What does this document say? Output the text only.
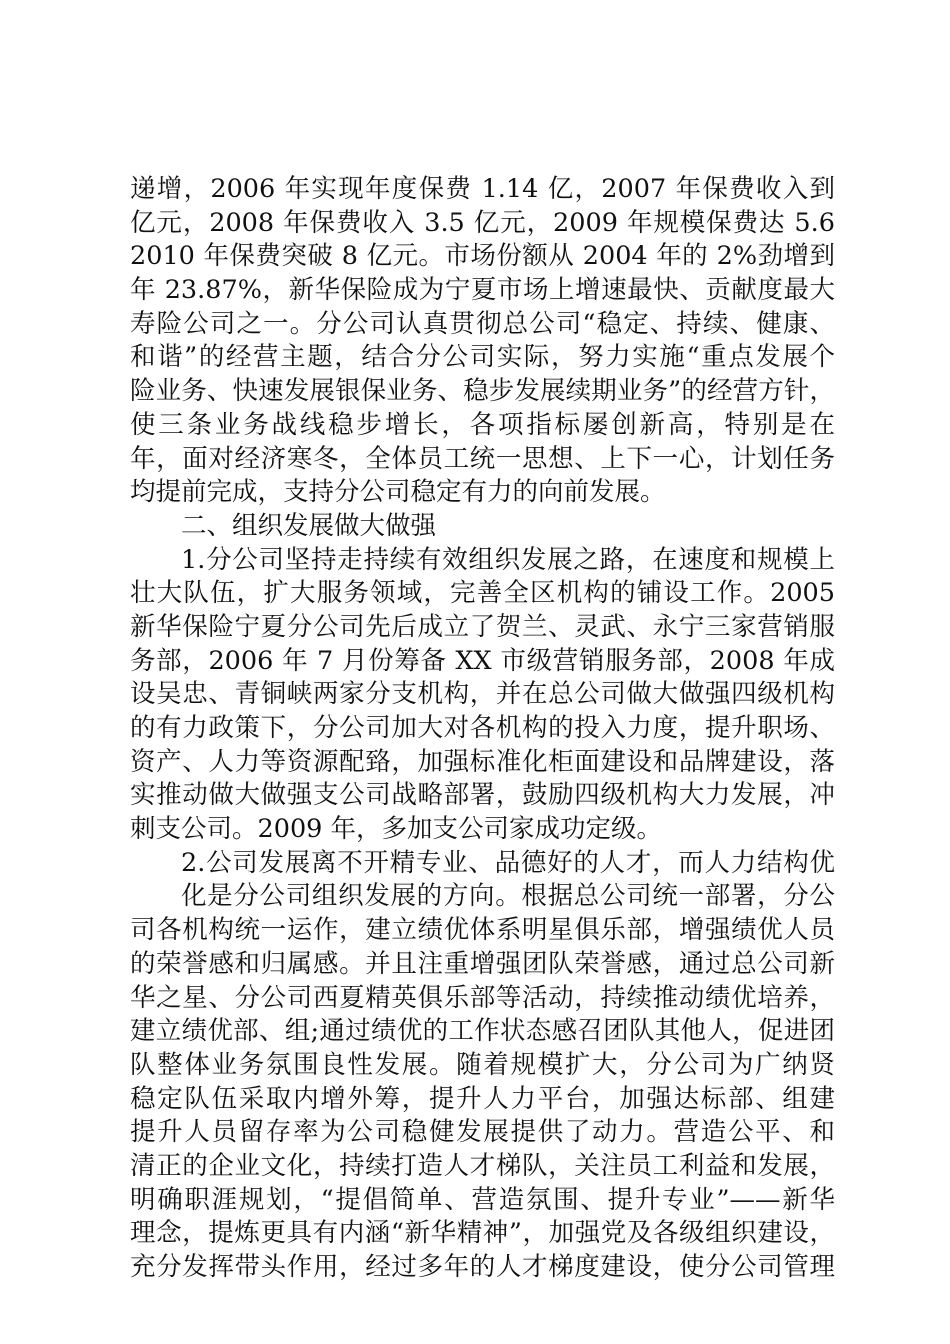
递增，2006 年实现年度保费 1.14 亿，2007 年保费收入到
亿元，2008 年保费收入 3.5 亿元，2009 年规模保费达 5.6
2010 年保费突破 8 亿元。市场份额从 2004 年的 2%劲增到
年 23.87%，新华保险成为宁夏市场上增速最快、贡献度最大
寿险公司之一。分公司认真贯彻总公司“稳定、持续、健康、
和谐”的经营主题，结合分公司实际，努力实施“重点发展个
险业务、快速发展银保业务、稳步发展续期业务”的经营方针，
使三条业务战线稳步增长，各项指标屡创新高，特别是在
年，面对经济寒冬，全体员工统一思想、上下一心，计划任务
均提前完成，支持分公司稳定有力的向前发展。
二、组织发展做大做强
1.分公司坚持走持续有效组织发展之路，在速度和规模上
壮大队伍，扩大服务领域，完善全区机构的铺设工作。2005
新华保险宁夏分公司先后成立了贺兰、灵武、永宁三家营销服
务部，2006 年 7 月份筹备 XX 市级营销服务部，2008 年成
设吴忠、青铜峡两家分支机构，并在总公司做大做强四级机构
的有力政策下，分公司加大对各机构的投入力度，提升职场、
资产、人力等资源配臵，加强标准化柜面建设和品牌建设，落
实推动做大做强支公司战略部署，鼓励四级机构大力发展，冲
刺支公司。2009 年，多加支公司家成功定级。
2.公司发展离不开精专业、品德好的人才，而人力结构优
化是分公司组织发展的方向。根据总公司统一部署，分公
司各机构统一运作，建立绩优体系明星俱乐部，增强绩优人员
的荣誉感和归属感。并且注重增强团队荣誉感，通过总公司新
华之星、分公司西夏精英俱乐部等活动，持续推动绩优培养，
建立绩优部、组;通过绩优的工作状态感召团队其他人，促进团
队整体业务氛围良性发展。随着规模扩大，分公司为广纳贤
稳定队伍采取内增外筹，提升人力平台，加强达标部、组建
提升人员留存率为公司稳健发展提供了动力。营造公平、和
清正的企业文化，持续打造人才梯队，关注员工利益和发展，
明确职涯规划，“提倡简单、营造氛围、提升专业”——新华
理念，提炼更具有内涵“新华精神”，加强党及各级组织建设，
充分发挥带头作用，经过多年的人才梯度建设，使分公司管理
